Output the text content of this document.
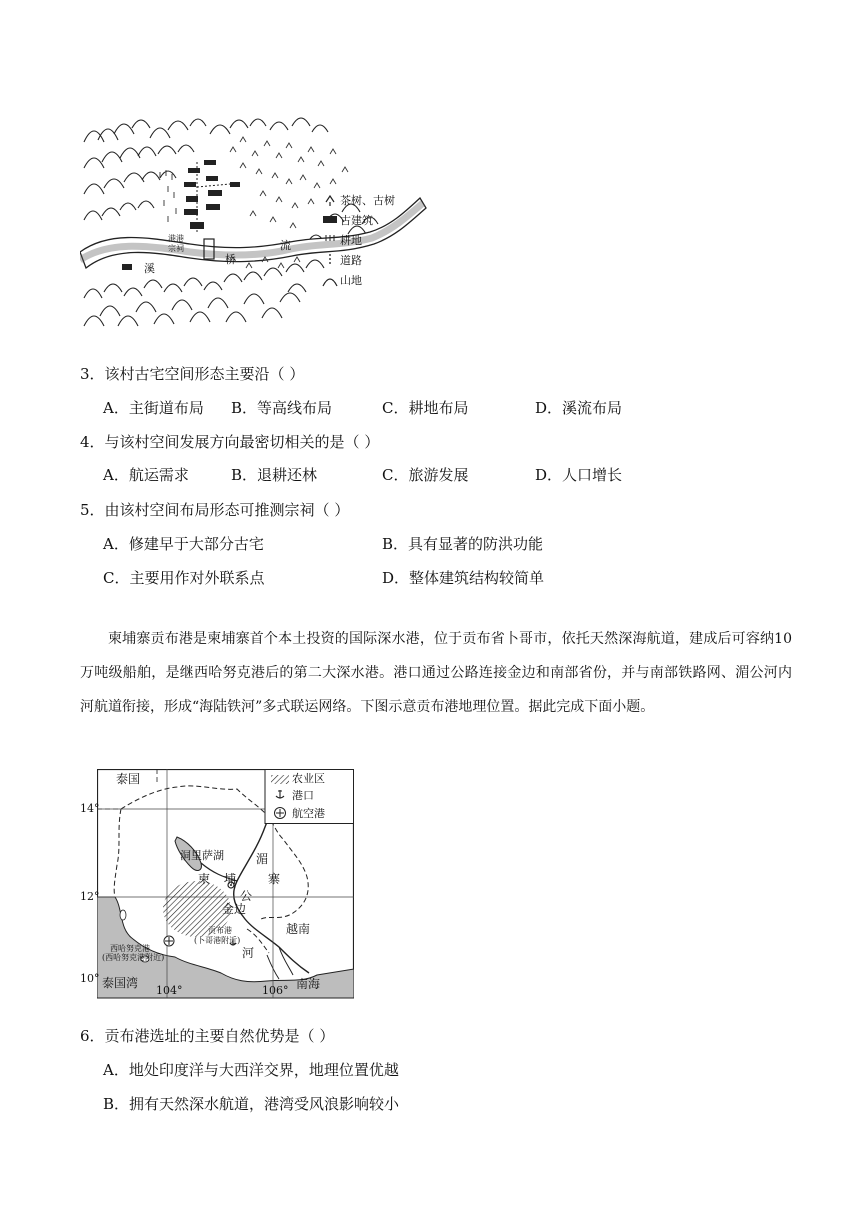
港港
宗祠
溪
桥
流
茶树、古树
古建筑
耕地
道路
山地
3．该村古宅空间形态主要沿（ ）
A．主街道布局 B．等高线布局	C．耕地布局	D．溪流布局
4．与该村空间发展方向最密切相关的是（ ）
A．航运需求	B．退耕还林	C．旅游发展	D．人口增长
5．由该村空间布局形态可推测宗祠（ ）
A．修建早于大部分古宅	B．具有显著的防洪功能
C．主要用作对外联系点	D．整体建筑结构较简单
柬埔寨贡布港是柬埔寨首个本土投资的国际深水港，位于贡布省卜哥市，依托天然深海航道，建成后可容纳10万吨级船舶，是继西哈努克港后的第二大深水港。港口通过公路连接金边和南部省份，并与南部铁路网、湄公河内河航道衔接，形成“海陆铁河”多式联运网络。下图示意贡布港地理位置。据此完成下面小题。
14°
12°
10°
104°	106°
农业区
港口
航空港
泰国
洞里萨湖
柬 埔	寨
湄
公
河
金边
越南
泰国湾	南海
贡布港
(卜哥港附近)
西哈努克港
(西哈努克港附近)
6．贡布港选址的主要自然优势是（ ）
A．地处印度洋与大西洋交界，地理位置优越
B．拥有天然深水航道，港湾受风浪影响较小
